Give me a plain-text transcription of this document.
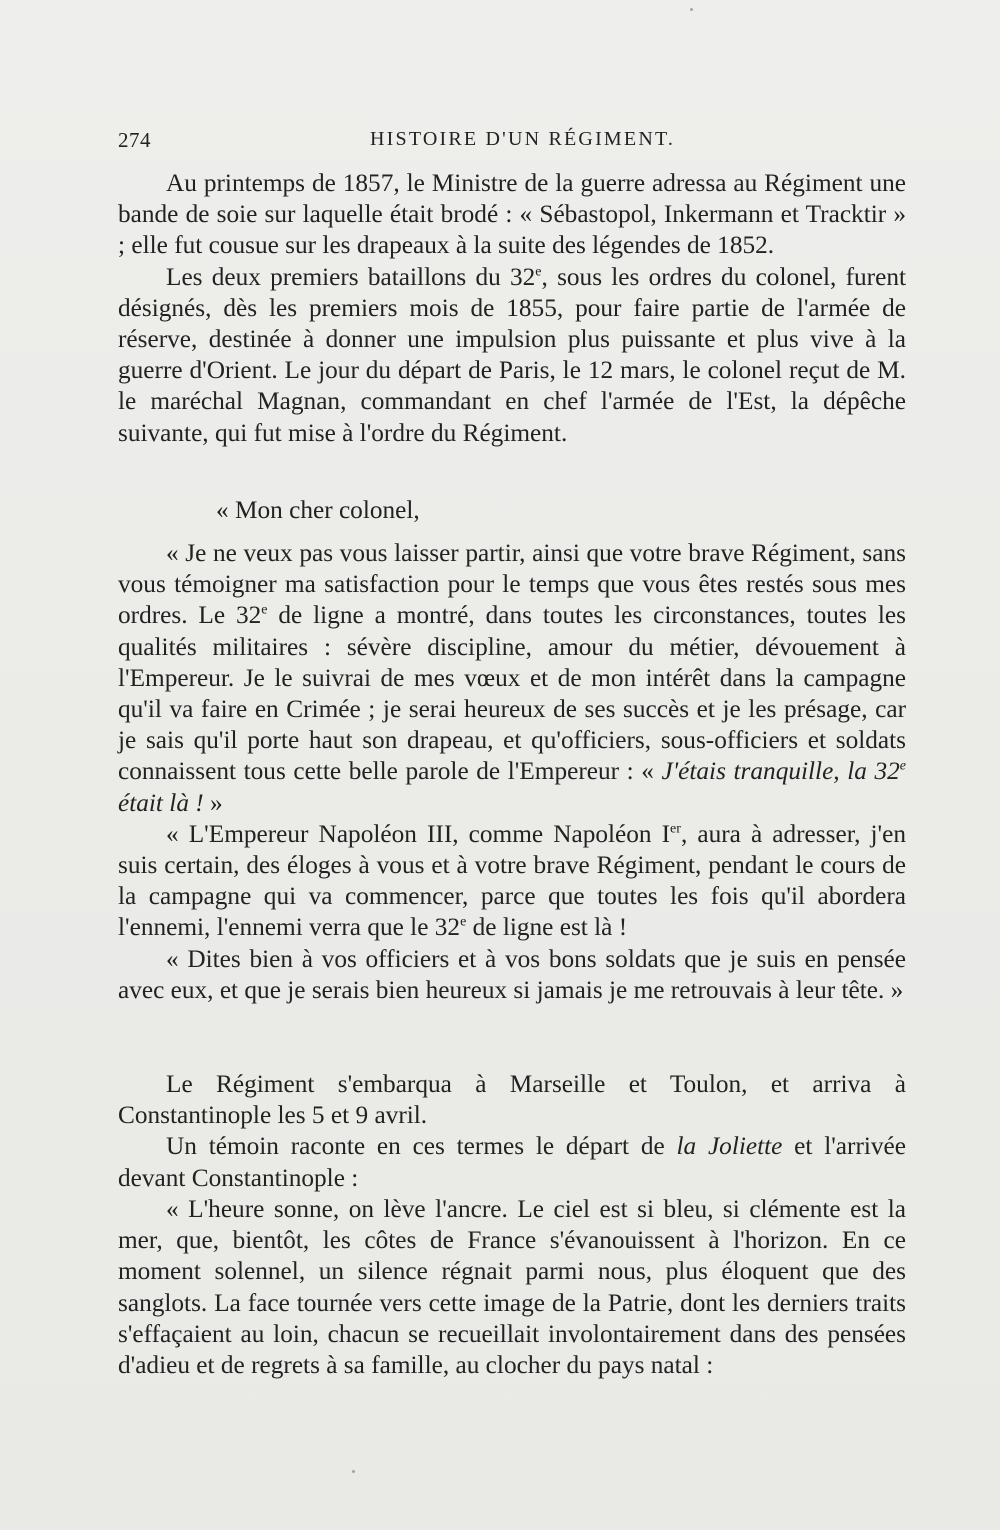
274	HISTOIRE D'UN RÉGIMENT.

Au printemps de 1857, le Ministre de la guerre adressa au Régiment une bande de soie sur laquelle était brodé : « Sébastopol, Inkermann et Tracktir » ; elle fut cousue sur les drapeaux à la suite des légendes de 1852.

Les deux premiers bataillons du 32e, sous les ordres du colonel, furent désignés, dès les premiers mois de 1855, pour faire partie de l'armée de réserve, destinée à donner une impulsion plus puissante et plus vive à la guerre d'Orient. Le jour du départ de Paris, le 12 mars, le colonel reçut de M. le maréchal Magnan, commandant en chef l'armée de l'Est, la dépêche suivante, qui fut mise à l'ordre du Régiment.

« Mon cher colonel,

« Je ne veux pas vous laisser partir, ainsi que votre brave Régiment, sans vous témoigner ma satisfaction pour le temps que vous êtes restés sous mes ordres. Le 32e de ligne a montré, dans toutes les circonstances, toutes les qualités militaires : sévère discipline, amour du métier, dévouement à l'Empereur. Je le suivrai de mes vœux et de mon intérêt dans la campagne qu'il va faire en Crimée ; je serai heureux de ses succès et je les présage, car je sais qu'il porte haut son drapeau, et qu'officiers, sous-officiers et soldats connaissent tous cette belle parole de l'Empereur : « J'étais tranquille, la 32e était là ! »

« L'Empereur Napoléon III, comme Napoléon Ier, aura à adresser, j'en suis certain, des éloges à vous et à votre brave Régiment, pendant le cours de la campagne qui va commencer, parce que toutes les fois qu'il abordera l'ennemi, l'ennemi verra que le 32e de ligne est là !

« Dites bien à vos officiers et à vos bons soldats que je suis en pensée avec eux, et que je serais bien heureux si jamais je me retrouvais à leur tête. »

Le Régiment s'embarqua à Marseille et Toulon, et arriva à Constantinople les 5 et 9 avril.

Un témoin raconte en ces termes le départ de la Joliette et l'arrivée devant Constantinople :

« L'heure sonne, on lève l'ancre. Le ciel est si bleu, si clémente est la mer, que, bientôt, les côtes de France s'évanouissent à l'horizon. En ce moment solennel, un silence régnait parmi nous, plus éloquent que des sanglots. La face tournée vers cette image de la Patrie, dont les derniers traits s'effaçaient au loin, chacun se recueillait involontairement dans des pensées d'adieu et de regrets à sa famille, au clocher du pays natal :
